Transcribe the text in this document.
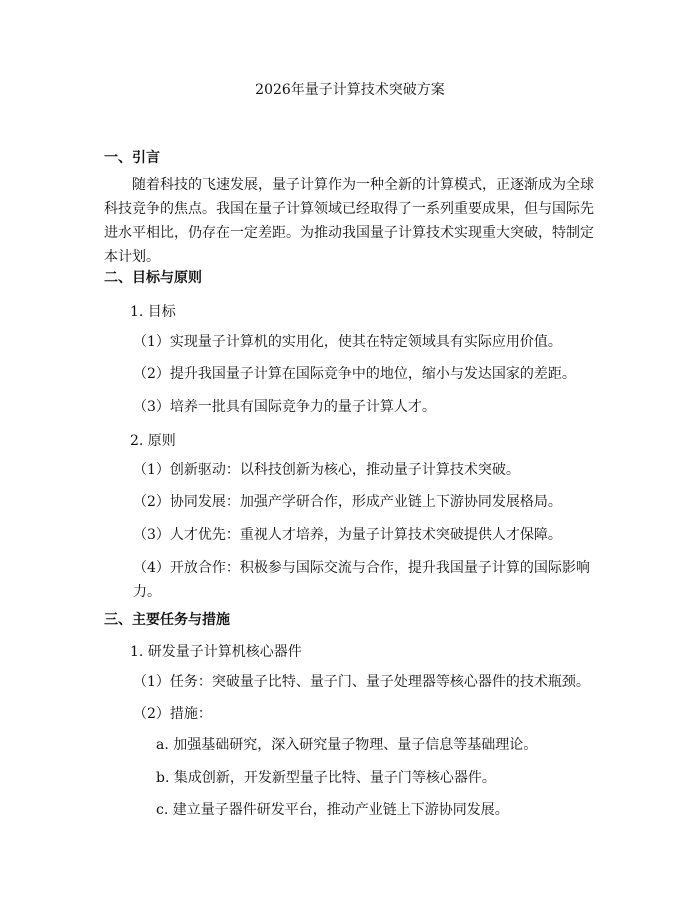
2026年量子计算技术突破方案
一、引言
随着科技的飞速发展，量子计算作为一种全新的计算模式，正逐渐成为全球科技竞争的焦点。我国在量子计算领域已经取得了一系列重要成果，但与国际先进水平相比，仍存在一定差距。为推动我国量子计算技术实现重大突破，特制定本计划。
二、目标与原则
1. 目标
（1）实现量子计算机的实用化，使其在特定领域具有实际应用价值。
（2）提升我国量子计算在国际竞争中的地位，缩小与发达国家的差距。
（3）培养一批具有国际竞争力的量子计算人才。
2. 原则
（1）创新驱动：以科技创新为核心，推动量子计算技术突破。
（2）协同发展：加强产学研合作，形成产业链上下游协同发展格局。
（3）人才优先：重视人才培养，为量子计算技术突破提供人才保障。
（4）开放合作：积极参与国际交流与合作，提升我国量子计算的国际影响力。
三、主要任务与措施
1. 研发量子计算机核心器件
（1）任务：突破量子比特、量子门、量子处理器等核心器件的技术瓶颈。
（2）措施：
a. 加强基础研究，深入研究量子物理、量子信息等基础理论。
b. 集成创新，开发新型量子比特、量子门等核心器件。
c. 建立量子器件研发平台，推动产业链上下游协同发展。
